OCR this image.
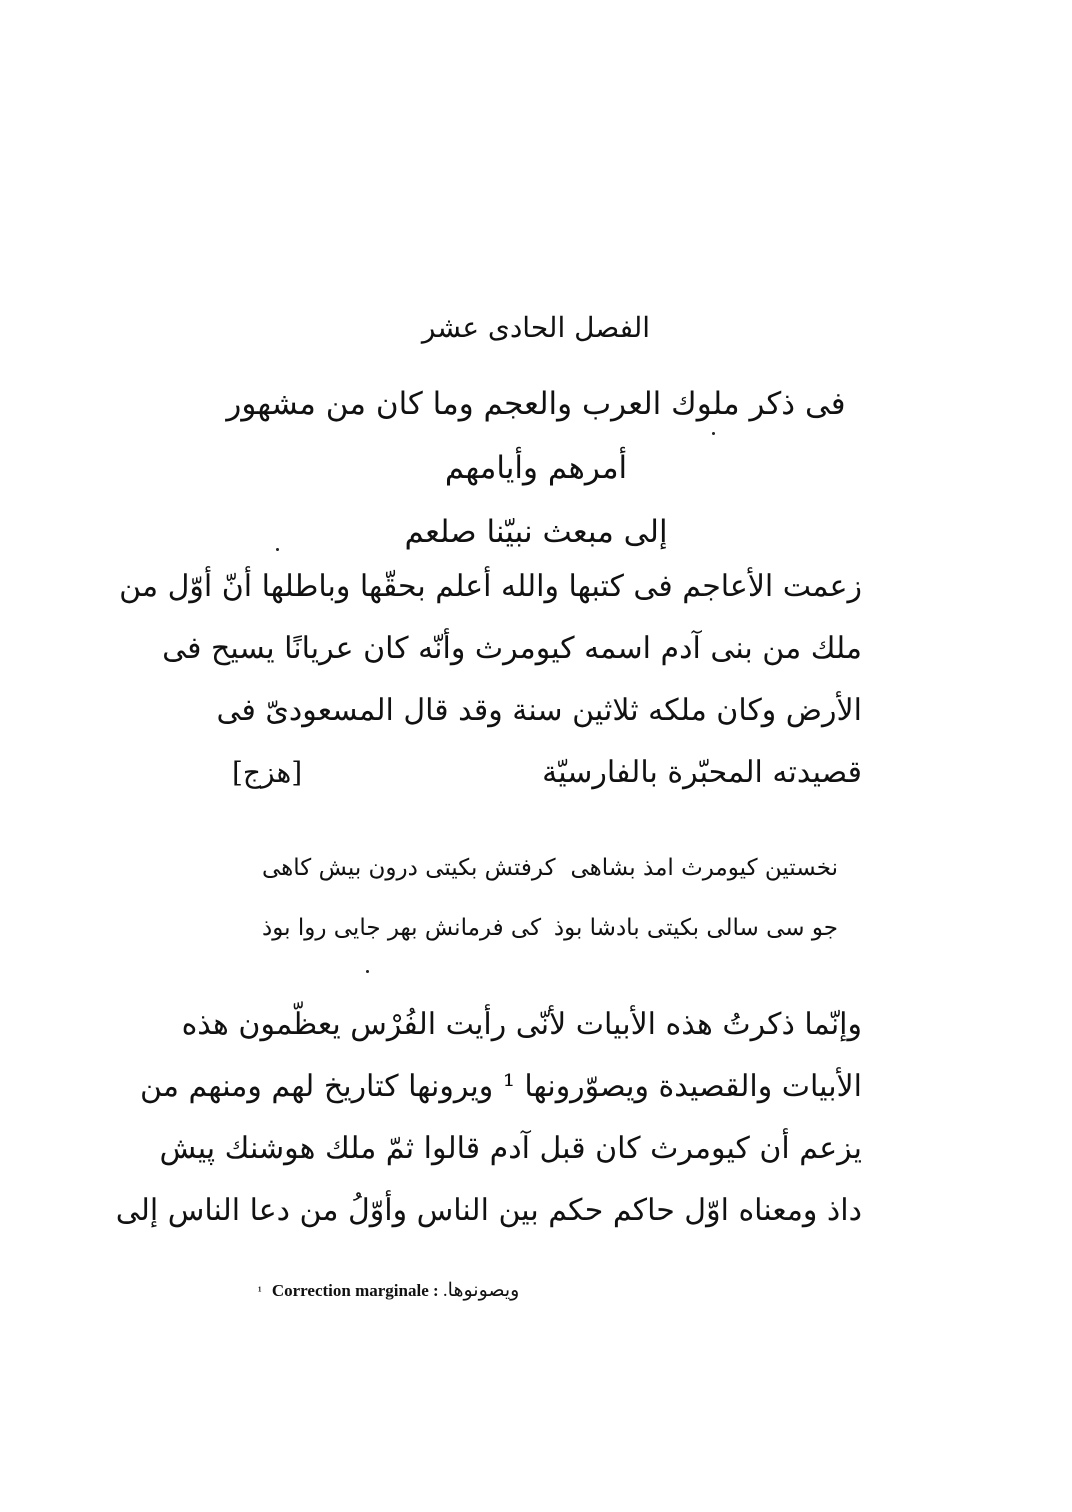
الفصل الحادى عشر
فى ذكر ملوك العرب والعجم وما كان من مشهور أمرهم وأيامهم
إلى مبعث نبيّنا صلعم
زعمت الأعاجم فى كتبها والله أعلم بحقّها وباطلها أنّ أوّل من
ملك من بنى آدم اسمه كيومرث وأنّه كان عريانًا يسيح فى
الأرض وكان ملكه ثلاثين سنة وقد قال المسعودىّ فى
قصيدته المحبّرة بالفارسيّة
[هزج]
نخستين كيومرث امذ بشاهى
كرفتش بكيتى درون بيش كاهى
جو سى سالى بكيتى بادشا بوذ
كى فرمانش بهر جايى روا بوذ
وإنّما ذكرتُ هذه الأبيات لأنّى رأيت الفُرْس يعظّمون هذه
الأبيات والقصيدة ويصوّرونها ¹ ويرونها كتاريخ لهم ومنهم من
يزعم أن كيومرث كان قبل آدم قالوا ثمّ ملك هوشنك پيش
داذ ومعناه اوّل حاكم حكم بين الناس وأوّلُ من دعا الناس إلى
$^{^1}$ Correction marginale : ويصونوها.
